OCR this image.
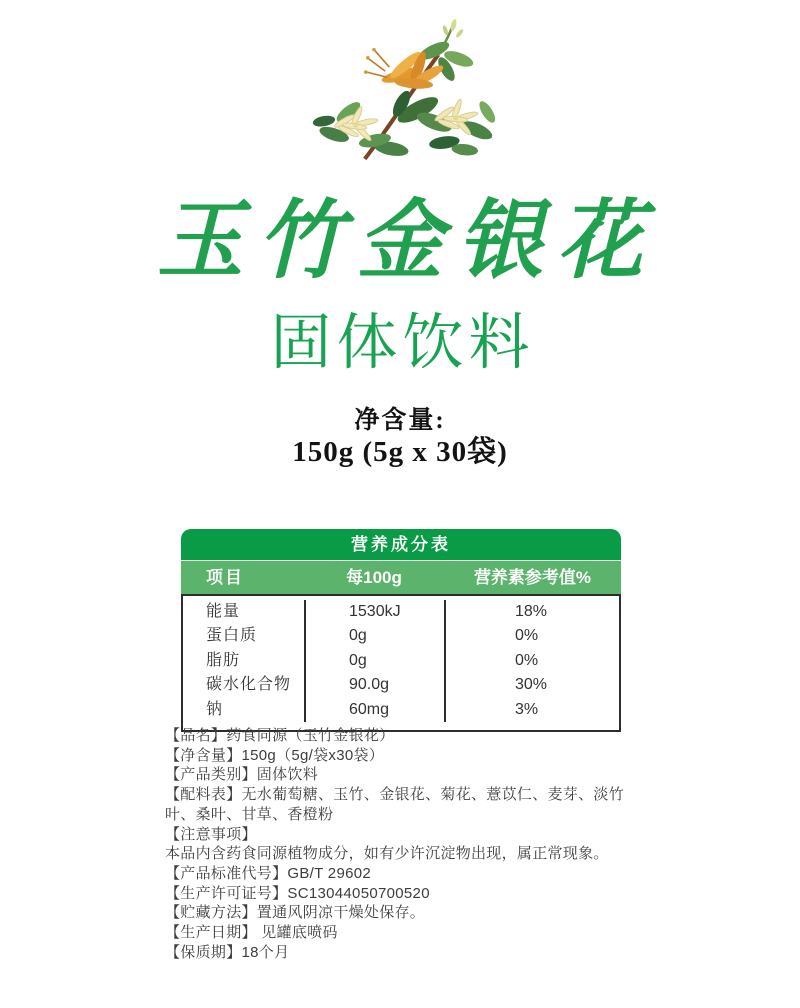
玉竹金银花
固体饮料
净含量:
150g (5g x 30袋)
营养成分表
项目	每100g	营养素参考值%
能量	1530kJ	18%
蛋白质	0g	0%
脂肪	0g	0%
碳水化合物	90.0g	30%
钠	60mg	3%
【品名】药食同源（玉竹金银花）
【净含量】150g（5g/袋x30袋）
【产品类别】固体饮料
【配料表】无水葡萄糖、玉竹、金银花、菊花、薏苡仁、麦芽、淡竹叶、桑叶、甘草、香橙粉
【注意事项】
本品内含药食同源植物成分，如有少许沉淀物出现，属正常现象。
【产品标准代号】GB/T 29602
【生产许可证号】SC13044050700520
【贮藏方法】置通风阴凉干燥处保存。
【生产日期】 见罐底喷码
【保质期】18个月
